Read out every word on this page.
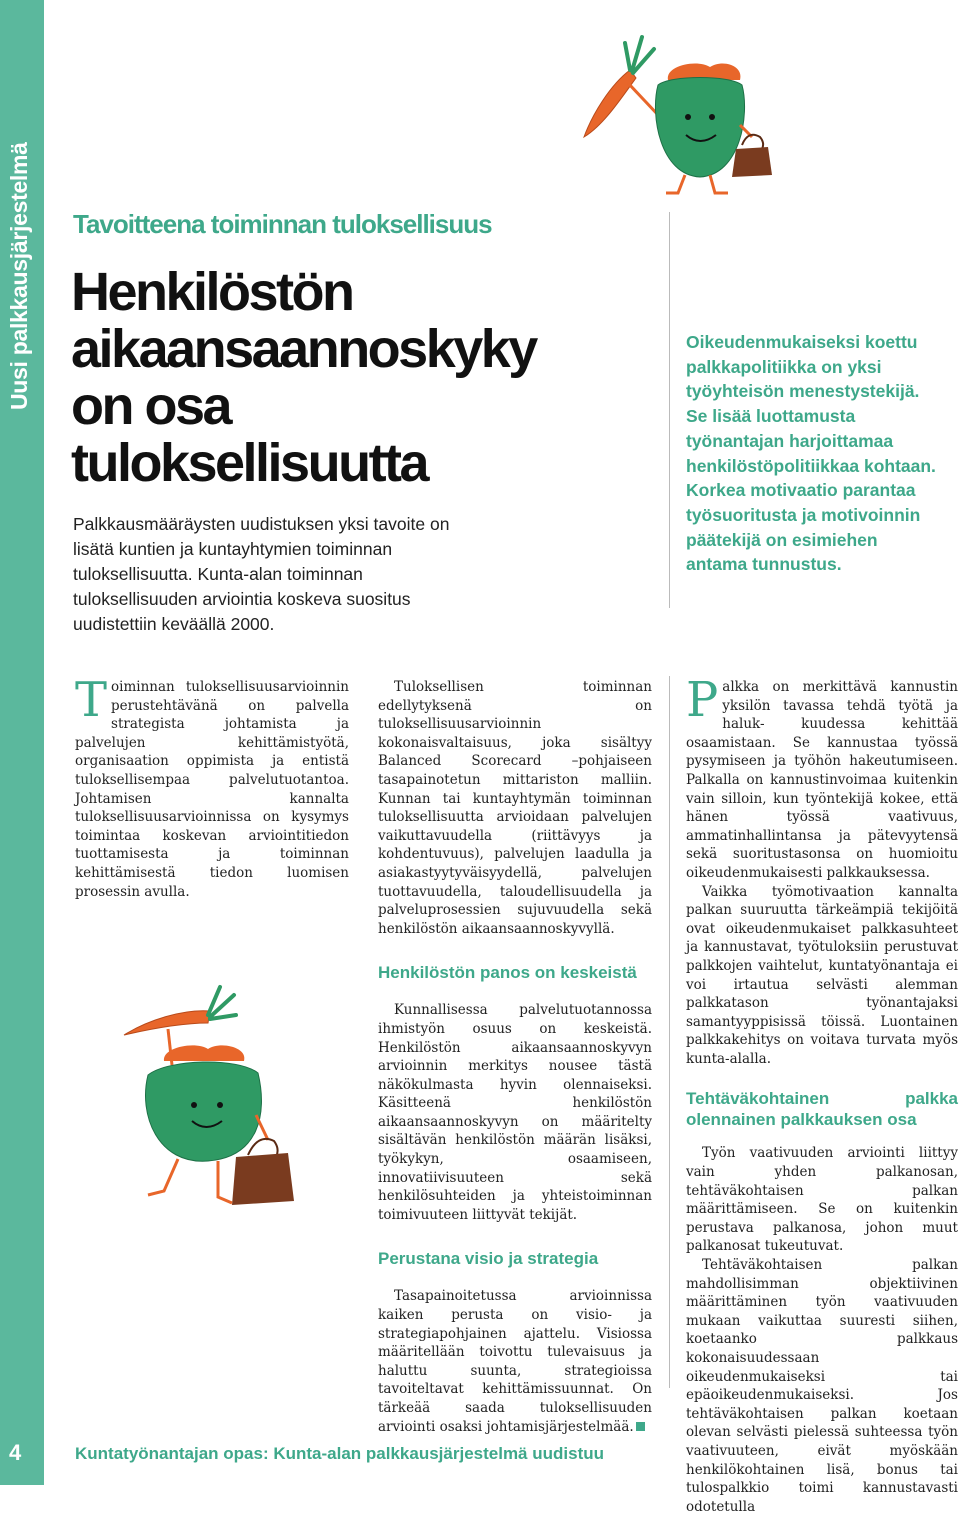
Uusi palkkausjärjestelmä
4
Tavoitteena toiminnan tuloksellisuus
Henkilöstön
aikaansaannoskyky
on osa
tuloksellisuutta

Palkkausmääräysten uudistuksen yksi tavoite on
lisätä kuntien ja kuntayhtymien toiminnan
tuloksellisuutta. Kunta-alan toiminnan
tuloksellisuuden arviointia koskeva suositus
uudistettiin keväällä 2000.

Oikeudenmukaiseksi koettu
palkkapolitiikka on yksi
työyhteisön menestystekijä.
Se lisää luottamusta
työnantajan harjoittamaa
henkilöstöpolitiikkaa kohtaan.
Korkea motivaatio parantaa
työsuoritusta ja motivoinnin
päätekijä on esimiehen
antama tunnustus.

Toiminnan tuloksellisuusarvioinnin perustehtävänä on palvella strategista johtamista ja palvelujen kehittämistyötä, organisaation oppimista ja entistä tuloksellisempaa palvelutuotantoa. Johtamisen kannalta tuloksellisuusarvioinnissa on kysymys toimintaa koskevan arviointitiedon tuottamisesta ja toiminnan kehittämisestä tiedon luomisen prosessin avulla.

Tuloksellisen toiminnan edellytyksenä on tuloksellisuusarvioinnin kokonaisvaltaisuus, joka sisältyy Balanced Scorecard –pohjaiseen tasapainotetun mittariston malliin. Kunnan tai kuntayhtymän toiminnan tuloksellisuutta arvioidaan palvelujen vaikuttavuudella (riittävyys ja kohdentuvuus), palvelujen laadulla ja asiakastyytyväisyydellä, palvelujen tuottavuudella, taloudellisuudella ja palveluprosessien sujuvuudella sekä henkilöstön aikaansaannoskyvyllä.

Henkilöstön panos on keskeistä

Kunnallisessa palvelutuotannossa ihmistyön osuus on keskeistä. Henkilöstön aikaansaannoskyvyn arvioinnin merkitys nousee tästä näkökulmasta hyvin olennaiseksi. Käsitteenä henkilöstön aikaansaannoskyvyn on määritelty sisältävän henkilöstön määrän lisäksi, työkykyn, osaamiseen, innovatiivisuuteen sekä henkilösuhteiden ja yhteistoiminnan toimivuuteen liittyvät tekijät.

Perustana visio ja strategia

Tasapainoitetussa arvioinnissa kaiken perusta on visio- ja strategiapohjainen ajattelu. Visiossa määritellään toivottu tulevaisuus ja haluttu suunta, strategioissa tavoiteltavat kehittämissuunnat. On tärkeää saada tuloksellisuuden arviointi osaksi johtamisjärjestelmää.

Palkka on merkittävä kannustin yksilön tavassa tehdä työtä ja haluk- kuudessa kehittää osaamistaan. Se kannustaa työssä pysymiseen ja työhön hakeutumiseen. Palkalla on kannustinvoimaa kuitenkin vain silloin, kun työntekijä kokee, että hänen työssä vaativuus, ammatinhallintansa ja pätevyytensä sekä suoritustasonsa on huomioitu oikeudenmukaisesti palkkauksessa.

Vaikka työmotivaation kannalta palkan suuruutta tärkeämpiä tekijöitä ovat oikeudenmukaiset palkkasuhteet ja kannustavat, työtuloksiin perustuvat palkkojen vaihtelut, kuntatyönantaja ei voi irtautua selvästi alemman palkkatason työnantajaksi samantyyppisissä töissä. Luontainen palkkakehitys on voitava turvata myös kunta-alalla.

Tehtäväkohtainen palkka olennainen palkkauksen osa

Työn vaativuuden arviointi liittyy vain yhden palkanosan, tehtäväkohtaisen palkan määrittämiseen. Se on kuitenkin perustava palkanosa, johon muut palkanosat tukeutuvat.

Tehtäväkohtaisen palkan mahdollisimman objektiivinen määrittäminen työn vaativuuden mukaan vaikuttaa suuresti siihen, koetaanko palkkaus kokonaisuudessaan oikeudenmukaiseksi tai epäoikeudenmukaiseksi. Jos tehtäväkohtaisen palkan koetaan olevan selvästi pielessä suhteessa työn vaativuuteen, eivät myöskään henkilökohtainen lisä, bonus tai tulospalkkio toimi kannustavasti odotetulla

Kuntatyönantajan opas: Kunta-alan palkkausjärjestelmä uudistuu
